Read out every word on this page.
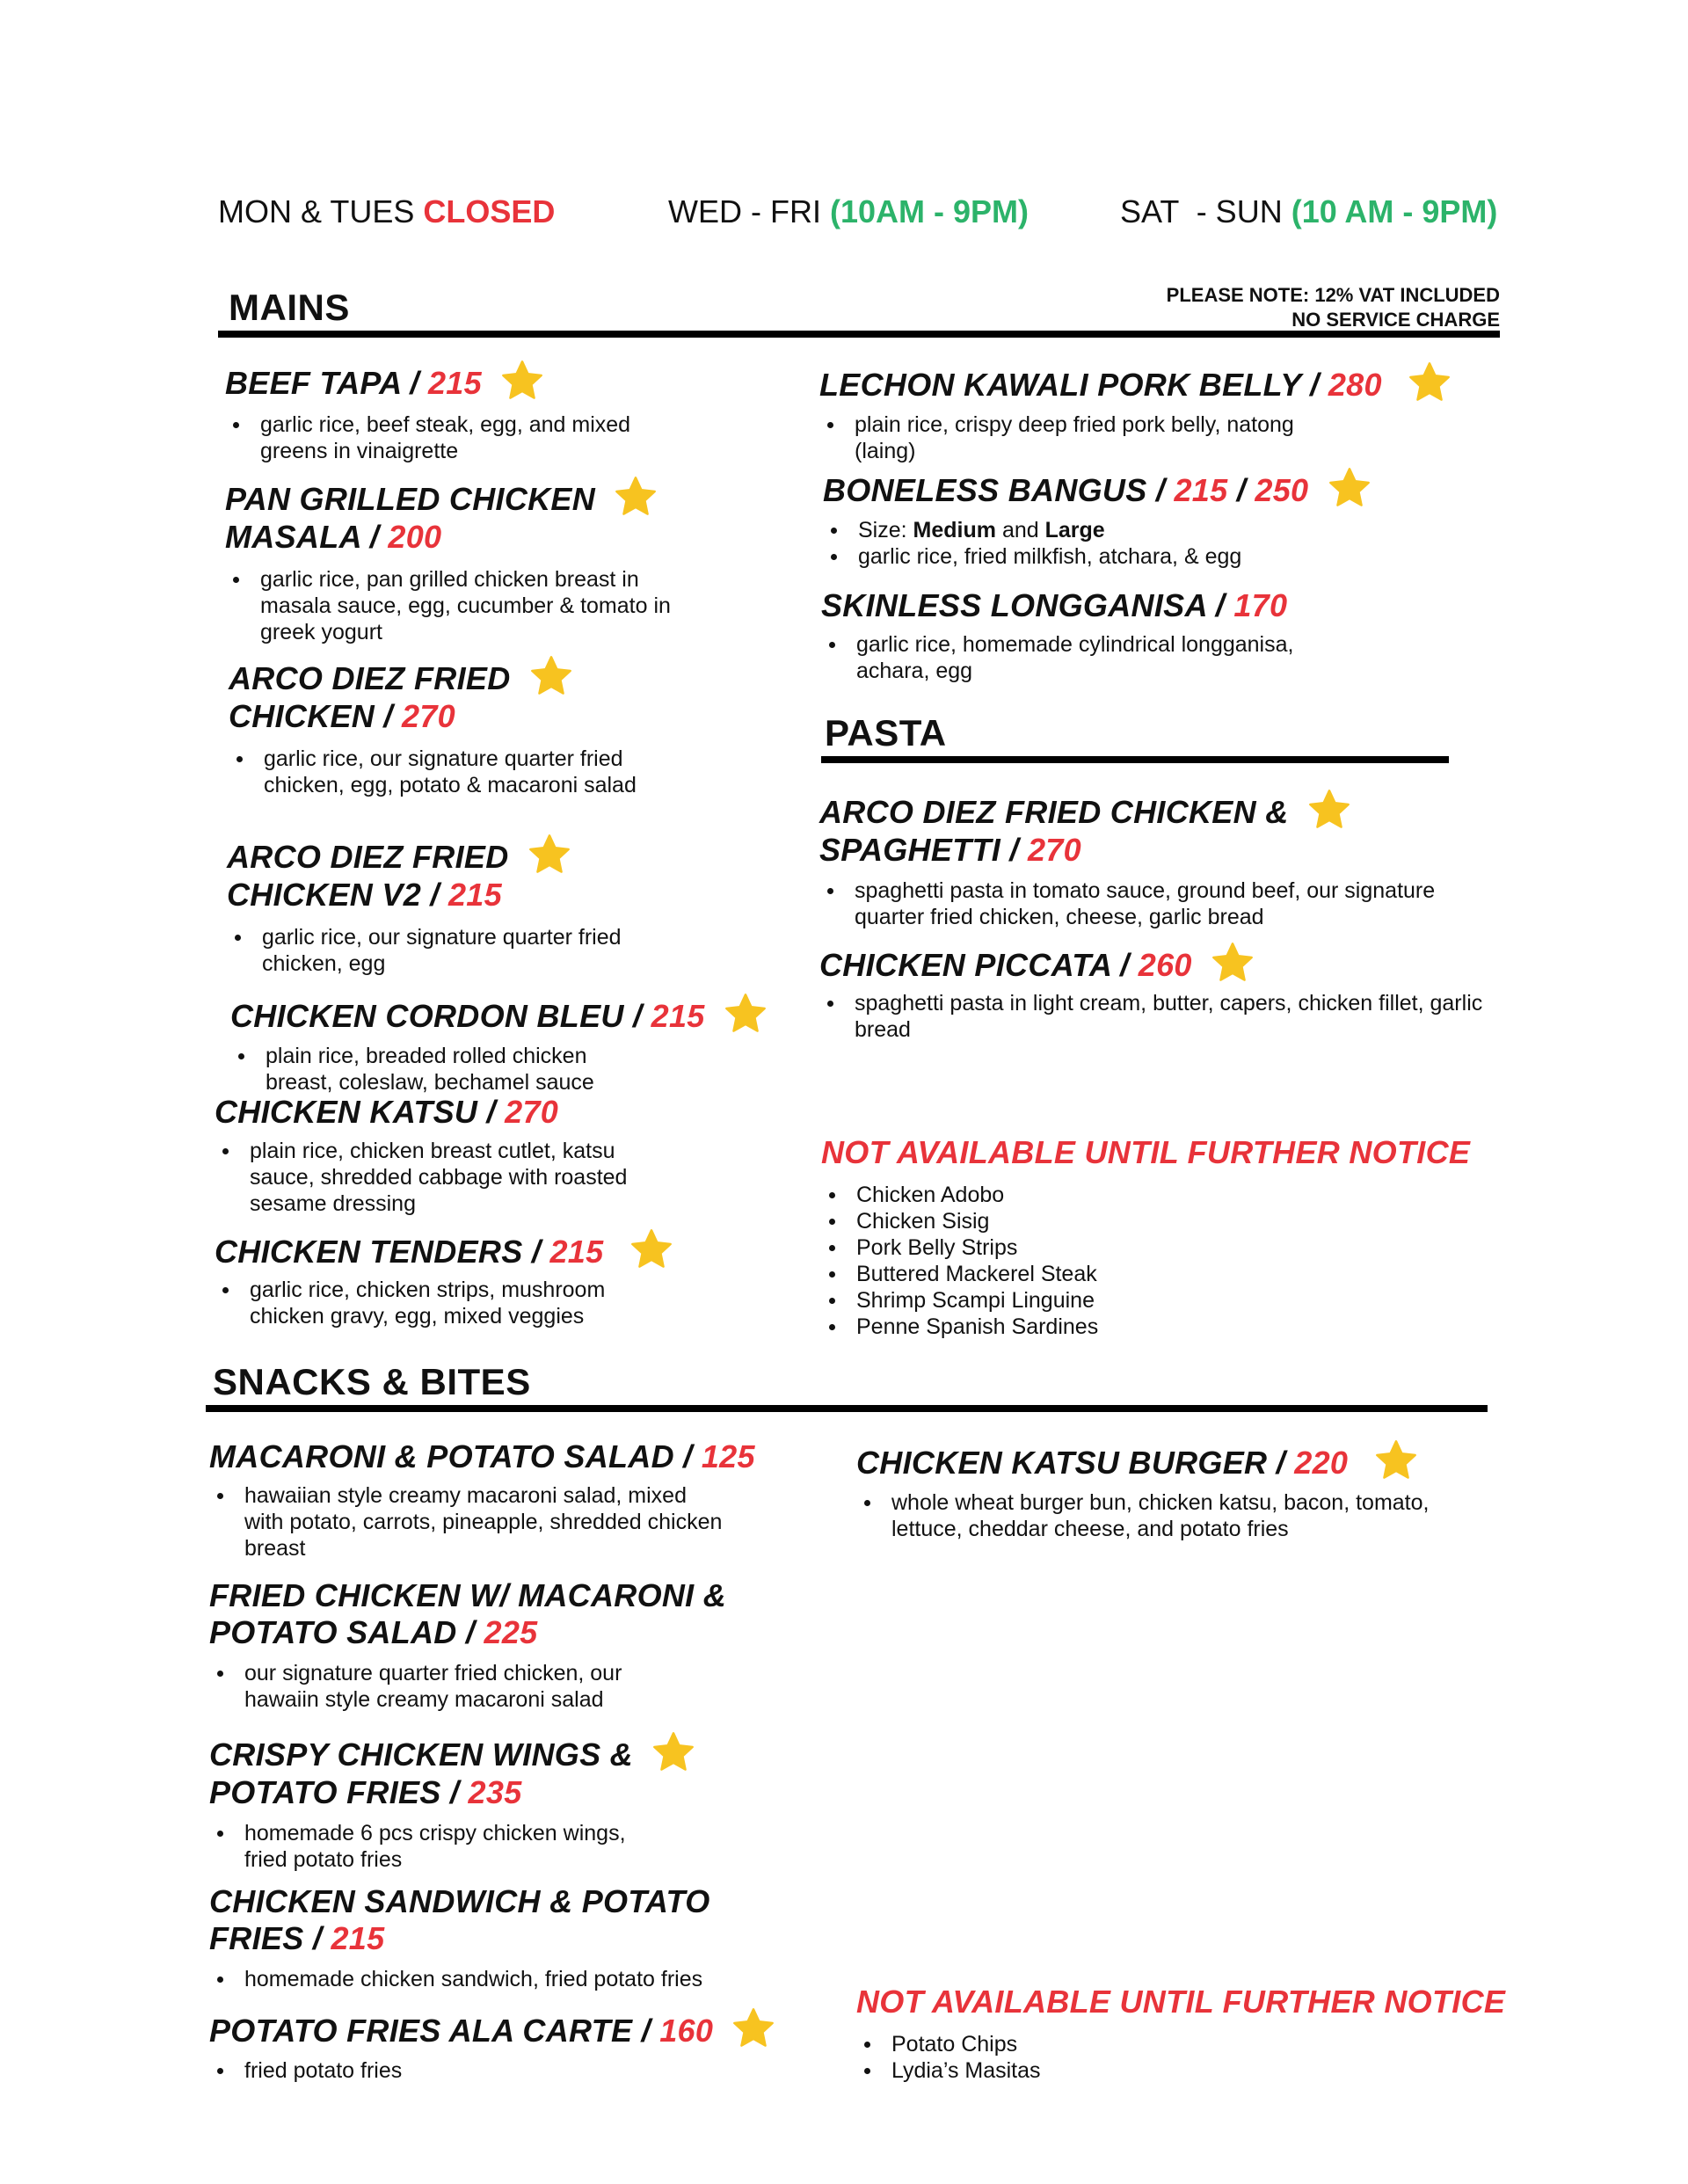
MON & TUES CLOSED	WED - FRI (10AM - 9PM)	SAT  - SUN (10 AM - 9PM)
MAINS	PLEASE NOTE: 12% VAT INCLUDED
NO SERVICE CHARGE
BEEF TAPA / 215
garlic rice, beef steak, egg, and mixed greens in vinaigrette
PAN GRILLED CHICKEN

MASALA / 200
garlic rice, pan grilled chicken breast in masala sauce, egg, cucumber & tomato in greek yogurt
ARCO DIEZ FRIED

CHICKEN / 270
garlic rice, our signature quarter fried chicken, egg, potato & macaroni salad
ARCO DIEZ FRIED

CHICKEN V2 / 215
garlic rice, our signature quarter fried chicken, egg
CHICKEN CORDON BLEU / 215
plain rice, breaded rolled chicken breast, coleslaw, bechamel sauce
CHICKEN KATSU / 270
plain rice, chicken breast cutlet, katsu sauce, shredded cabbage with roasted sesame dressing
CHICKEN TENDERS / 215
garlic rice, chicken strips, mushroom chicken gravy, egg, mixed veggies
LECHON KAWALI PORK BELLY / 280
plain rice, crispy deep fried pork belly, natong (laing)
BONELESS BANGUS / 215 / 250
Size: Medium and Large
garlic rice, fried milkfish, atchara, & egg
SKINLESS LONGGANISA / 170
garlic rice, homemade cylindrical longganisa, achara, egg
PASTA
ARCO DIEZ FRIED CHICKEN &

SPAGHETTI / 270
spaghetti pasta in tomato sauce, ground beef, our signature quarter fried chicken, cheese, garlic bread
CHICKEN PICCATA / 260
spaghetti pasta in light cream, butter, capers, chicken fillet, garlic bread
NOT AVAILABLE UNTIL FURTHER NOTICE
Chicken Adobo
Chicken Sisig
Pork Belly Strips
Buttered Mackerel Steak
Shrimp Scampi Linguine
Penne Spanish Sardines
SNACKS & BITES
MACARONI & POTATO SALAD / 125
hawaiian style creamy macaroni salad, mixed with potato, carrots, pineapple, shredded chicken breast
FRIED CHICKEN W/ MACARONI &
POTATO SALAD / 225
our signature quarter fried chicken, our hawaiin style creamy macaroni salad
CRISPY CHICKEN WINGS &

POTATO FRIES / 235
homemade 6 pcs crispy chicken wings, fried potato fries
CHICKEN SANDWICH & POTATO
FRIES / 215
homemade chicken sandwich, fried potato fries
POTATO FRIES ALA CARTE / 160
fried potato fries
CHICKEN KATSU BURGER / 220
whole wheat burger bun, chicken katsu, bacon, tomato, lettuce, cheddar cheese, and potato fries
NOT AVAILABLE UNTIL FURTHER NOTICE
Potato Chips
Lydia’s Masitas
